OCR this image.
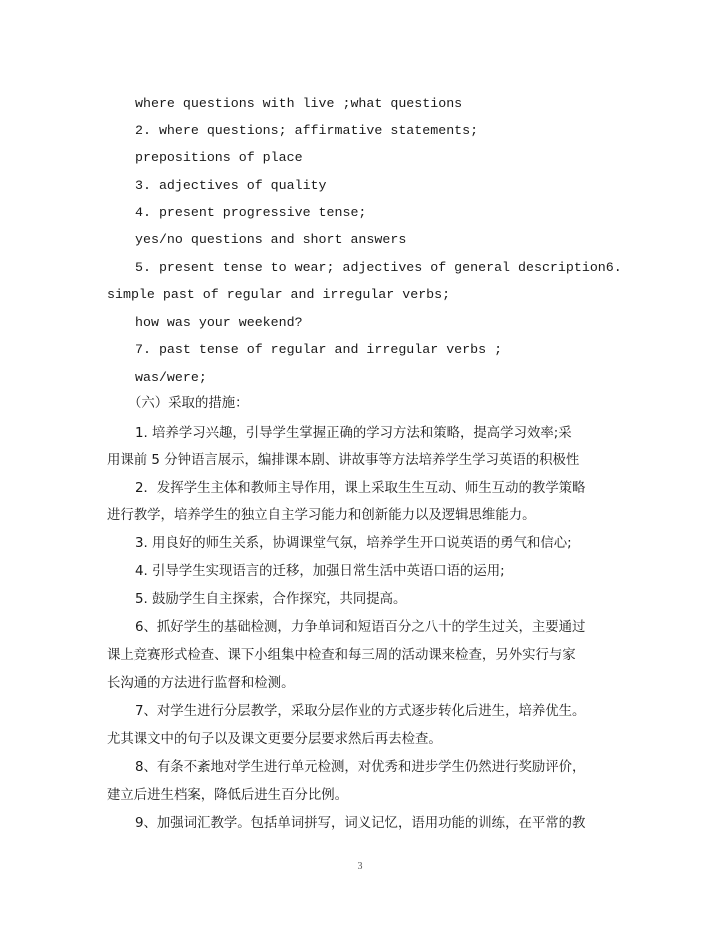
where questions with live ;what questions
2. where questions; affirmative statements;
prepositions of place
3. adjectives of quality
4. present progressive tense;
yes/no questions and short answers
5. present tense to wear; adjectives of general description6.
simple past of regular and irregular verbs;
how was your weekend?
7. past tense of regular and irregular verbs ;
was/were;
（六）采取的措施：
1. 培养学习兴趣，引导学生掌握正确的学习方法和策略，提高学习效率;采
用课前 5 分钟语言展示，编排课本剧、讲故事等方法培养学生学习英语的积极性
2．发挥学生主体和教师主导作用，课上采取生生互动、师生互动的教学策略
进行教学，培养学生的独立自主学习能力和创新能力以及逻辑思维能力。
3. 用良好的师生关系，协调课堂气氛，培养学生开口说英语的勇气和信心;
4. 引导学生实现语言的迁移，加强日常生活中英语口语的运用;
5. 鼓励学生自主探索，合作探究，共同提高。
6、抓好学生的基础检测，力争单词和短语百分之八十的学生过关，主要通过
课上竞赛形式检查、课下小组集中检查和每三周的活动课来检查，另外实行与家
长沟通的方法进行监督和检测。
7、对学生进行分层教学，采取分层作业的方式逐步转化后进生，培养优生。
尤其课文中的句子以及课文更要分层要求然后再去检查。
8、有条不紊地对学生进行单元检测，对优秀和进步学生仍然进行奖励评价，
建立后进生档案，降低后进生百分比例。
9、加强词汇教学。包括单词拼写，词义记忆，语用功能的训练，在平常的教
3
